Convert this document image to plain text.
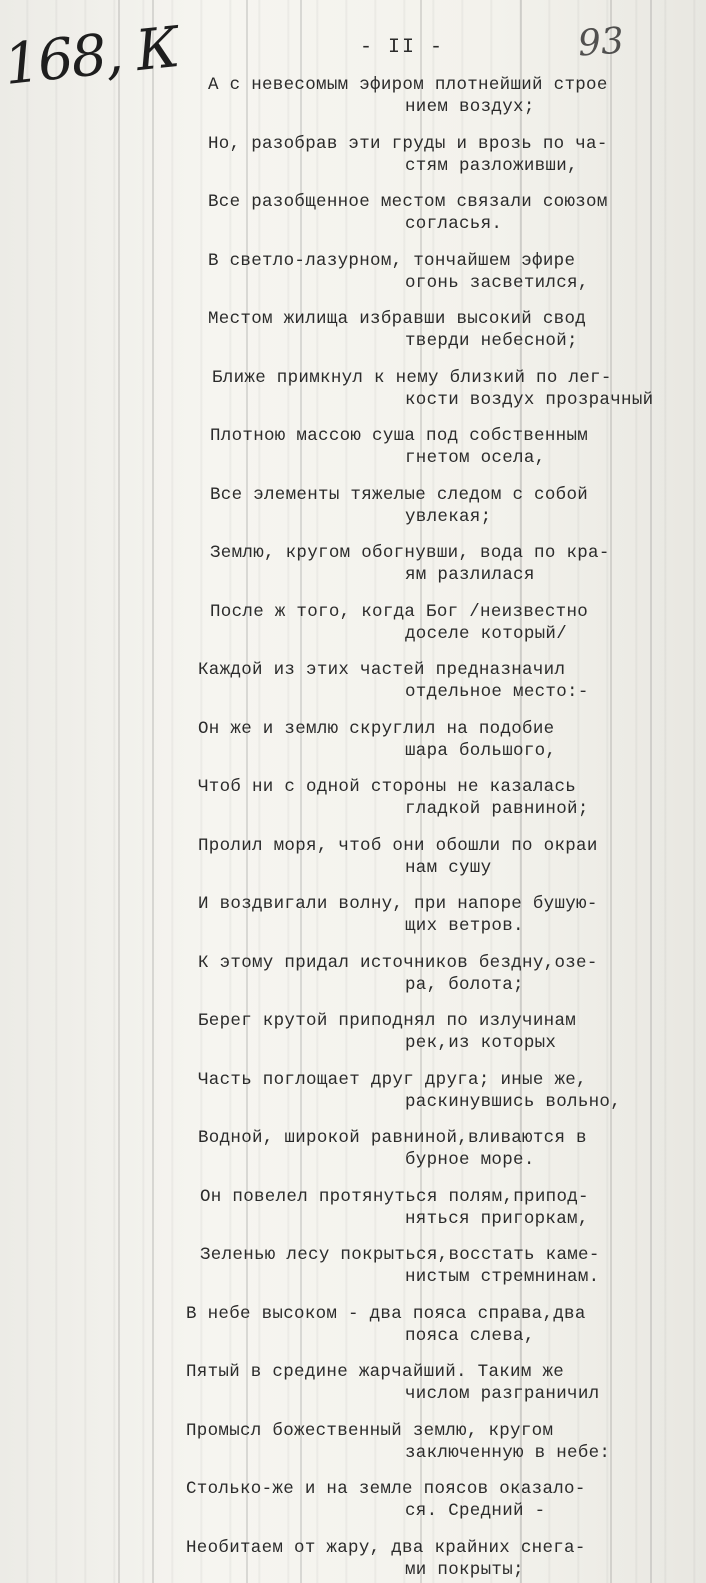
168, К	93
- II -
А с невесомым эфиром плотнейший строе
нием воздух;
Но, разобрав эти груды и врозь по ча-
стям разложивши,
Все разобщенное местом связали союзом
согласья.
В светло-лазурном, тончайшем эфире
огонь засветился,
Местом жилища избравши высокий свод
тверди небесной;
Ближе примкнул к нему близкий по лег-
кости воздух прозрачный
Плотною массою суша под собственным
гнетом осела,
Все элементы тяжелые следом с собой
увлекая;
Землю, кругом обогнувши, вода по кра-
ям разлилася
После ж того, когда Бог /неизвестно
доселе который/
Каждой из этих частей предназначил
отдельное место:-
Он же и землю скруглил на подобие
шара большого,
Чтоб ни с одной стороны не казалась
гладкой равниной;
Пролил моря, чтоб они обошли по окраи
нам сушу
И воздвигали волну, при напоре бушую-
щих ветров.
К этому придал источников бездну,озе-
ра, болота;
Берег крутой приподнял по излучинам
рек,из которых
Часть поглощает друг друга; иные же,
раскинувшись вольно,
Водной, широкой равниной,вливаются в
бурное море.
Он повелел протянуться полям,припод-
няться пригоркам,
Зеленью лесу покрыться,восстать каме-
нистым стремнинам.
В небе высоком - два пояса справа,два
пояса слева,
Пятый в средине жарчайший. Таким же
числом разграничил
Промысл божественный землю, кругом
заключенную в небе:
Столько-же и на земле поясов оказало-
ся. Средний -
Необитаем от жару, два крайних снега-
ми покрыты;
